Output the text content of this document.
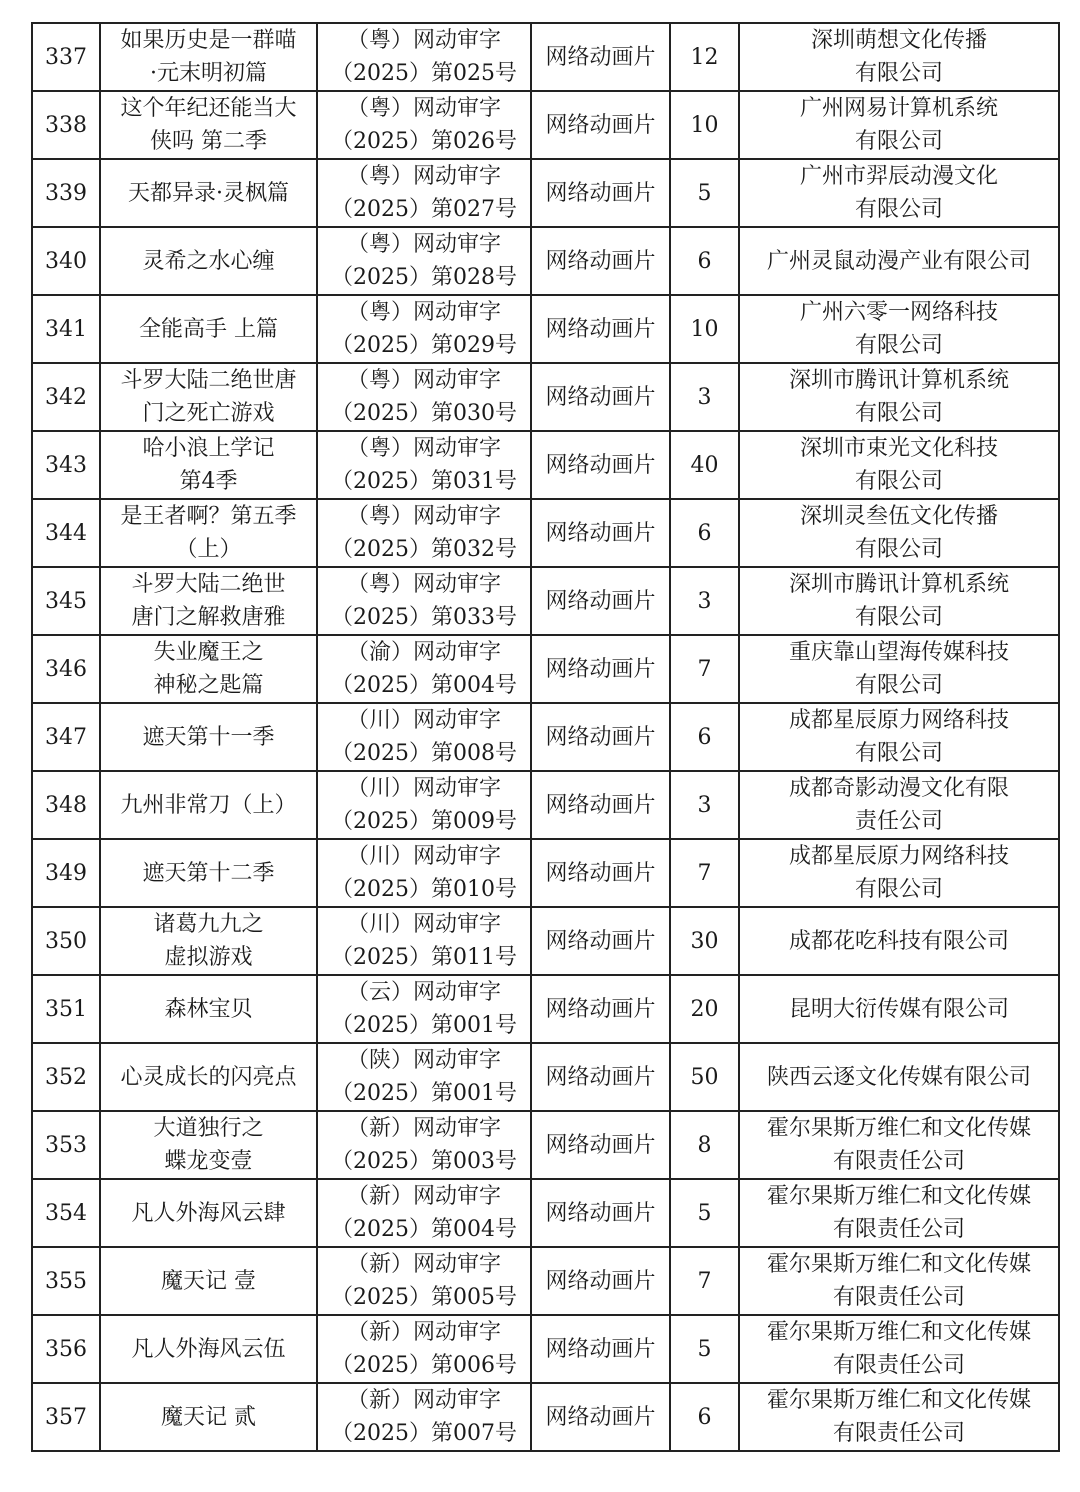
337	如果历史是一群喵
·元末明初篇	（粤）网动审字
（2025）第025号	网络动画片	12	深圳萌想文化传播
有限公司

338	这个年纪还能当大
侠吗 第二季	（粤）网动审字
（2025）第026号	网络动画片	10	广州网易计算机系统
有限公司

339	天都异录·灵枫篇	（粤）网动审字
（2025）第027号	网络动画片	5	广州市羿辰动漫文化
有限公司

340	灵希之水心缠	（粤）网动审字
（2025）第028号	网络动画片	6	广州灵鼠动漫产业有限公司

341	全能高手 上篇	（粤）网动审字
（2025）第029号	网络动画片	10	广州六零一网络科技
有限公司

342	斗罗大陆二绝世唐
门之死亡游戏	（粤）网动审字
（2025）第030号	网络动画片	3	深圳市腾讯计算机系统
有限公司

343	哈小浪上学记
第4季	（粤）网动审字
（2025）第031号	网络动画片	40	深圳市束光文化科技
有限公司

344	是王者啊？第五季
（上）	（粤）网动审字
（2025）第032号	网络动画片	6	深圳灵叁伍文化传播
有限公司

345	斗罗大陆二绝世
唐门之解救唐雅	（粤）网动审字
（2025）第033号	网络动画片	3	深圳市腾讯计算机系统
有限公司

346	失业魔王之
神秘之匙篇	（渝）网动审字
（2025）第004号	网络动画片	7	重庆靠山望海传媒科技
有限公司

347	遮天第十一季	（川）网动审字
（2025）第008号	网络动画片	6	成都星辰原力网络科技
有限公司

348	九州非常刀（上）	（川）网动审字
（2025）第009号	网络动画片	3	成都奇影动漫文化有限
责任公司

349	遮天第十二季	（川）网动审字
（2025）第010号	网络动画片	7	成都星辰原力网络科技
有限公司

350	诸葛九九之
虚拟游戏	（川）网动审字
（2025）第011号	网络动画片	30	成都花吃科技有限公司

351	森林宝贝	（云）网动审字
（2025）第001号	网络动画片	20	昆明大衍传媒有限公司

352	心灵成长的闪亮点	（陕）网动审字
（2025）第001号	网络动画片	50	陕西云逐文化传媒有限公司

353	大道独行之
蝶龙变壹	（新）网动审字
（2025）第003号	网络动画片	8	霍尔果斯万维仁和文化传媒
有限责任公司

354	凡人外海风云肆	（新）网动审字
（2025）第004号	网络动画片	5	霍尔果斯万维仁和文化传媒
有限责任公司

355	魔天记 壹	（新）网动审字
（2025）第005号	网络动画片	7	霍尔果斯万维仁和文化传媒
有限责任公司

356	凡人外海风云伍	（新）网动审字
（2025）第006号	网络动画片	5	霍尔果斯万维仁和文化传媒
有限责任公司

357	魔天记 贰	（新）网动审字
（2025）第007号	网络动画片	6	霍尔果斯万维仁和文化传媒
有限责任公司
